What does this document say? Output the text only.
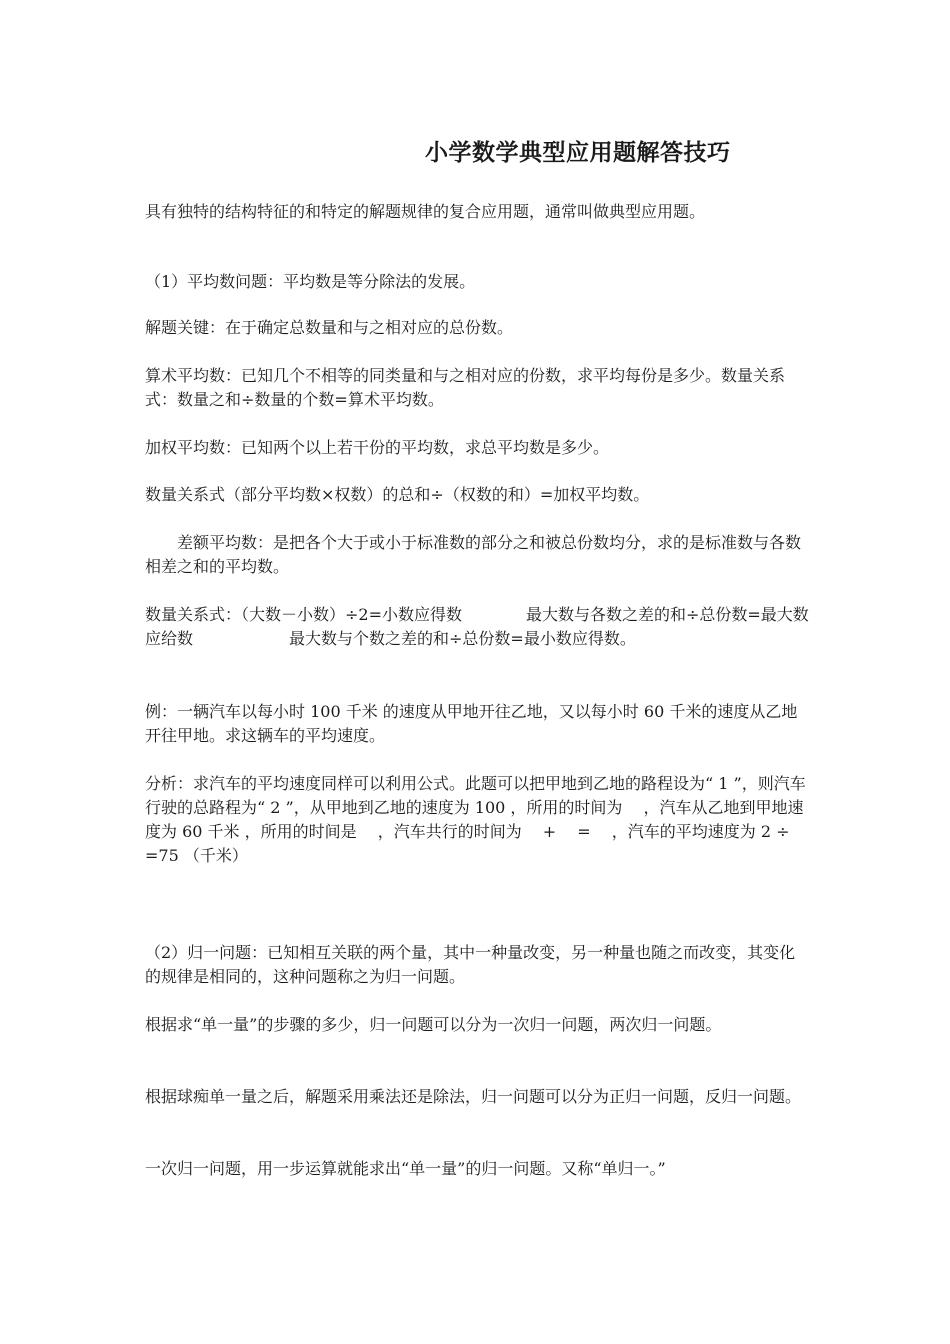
小学数学典型应用题解答技巧

具有独特的结构特征的和特定的解题规律的复合应用题，通常叫做典型应用题。

（1）平均数问题：平均数是等分除法的发展。

解题关键：在于确定总数量和与之相对应的总份数。

算术平均数：已知几个不相等的同类量和与之相对应的份数，求平均每份是多少。数量关系式：数量之和÷数量的个数=算术平均数。

加权平均数：已知两个以上若干份的平均数，求总平均数是多少。

数量关系式（部分平均数×权数）的总和÷（权数的和）=加权平均数。

差额平均数：是把各个大于或小于标准数的部分之和被总份数均分，求的是标准数与各数相差之和的平均数。

数量关系式：（大数－小数）÷2=小数应得数　　　　最大数与各数之差的和÷总份数=最大数应给数　　　　　　最大数与个数之差的和÷总份数=最小数应得数。

例：一辆汽车以每小时 100 千米 的速度从甲地开往乙地，又以每小时 60 千米的速度从乙地开往甲地。求这辆车的平均速度。

分析：求汽车的平均速度同样可以利用公式。此题可以把甲地到乙地的路程设为“ 1 ”，则汽车行驶的总路程为“ 2 ”，从甲地到乙地的速度为 100 ，所用的时间为　 ，汽车从乙地到甲地速度为 60 千米 ，所用的时间是　 ，汽车共行的时间为　 +　 =　 ，汽车的平均速度为 2 ÷　 =75 （千米）

（2）归一问题：已知相互关联的两个量，其中一种量改变，另一种量也随之而改变，其变化的规律是相同的，这种问题称之为归一问题。

根据求“单一量”的步骤的多少，归一问题可以分为一次归一问题，两次归一问题。

根据球痴单一量之后，解题采用乘法还是除法，归一问题可以分为正归一问题，反归一问题。

一次归一问题，用一步运算就能求出“单一量”的归一问题。又称“单归一。”
